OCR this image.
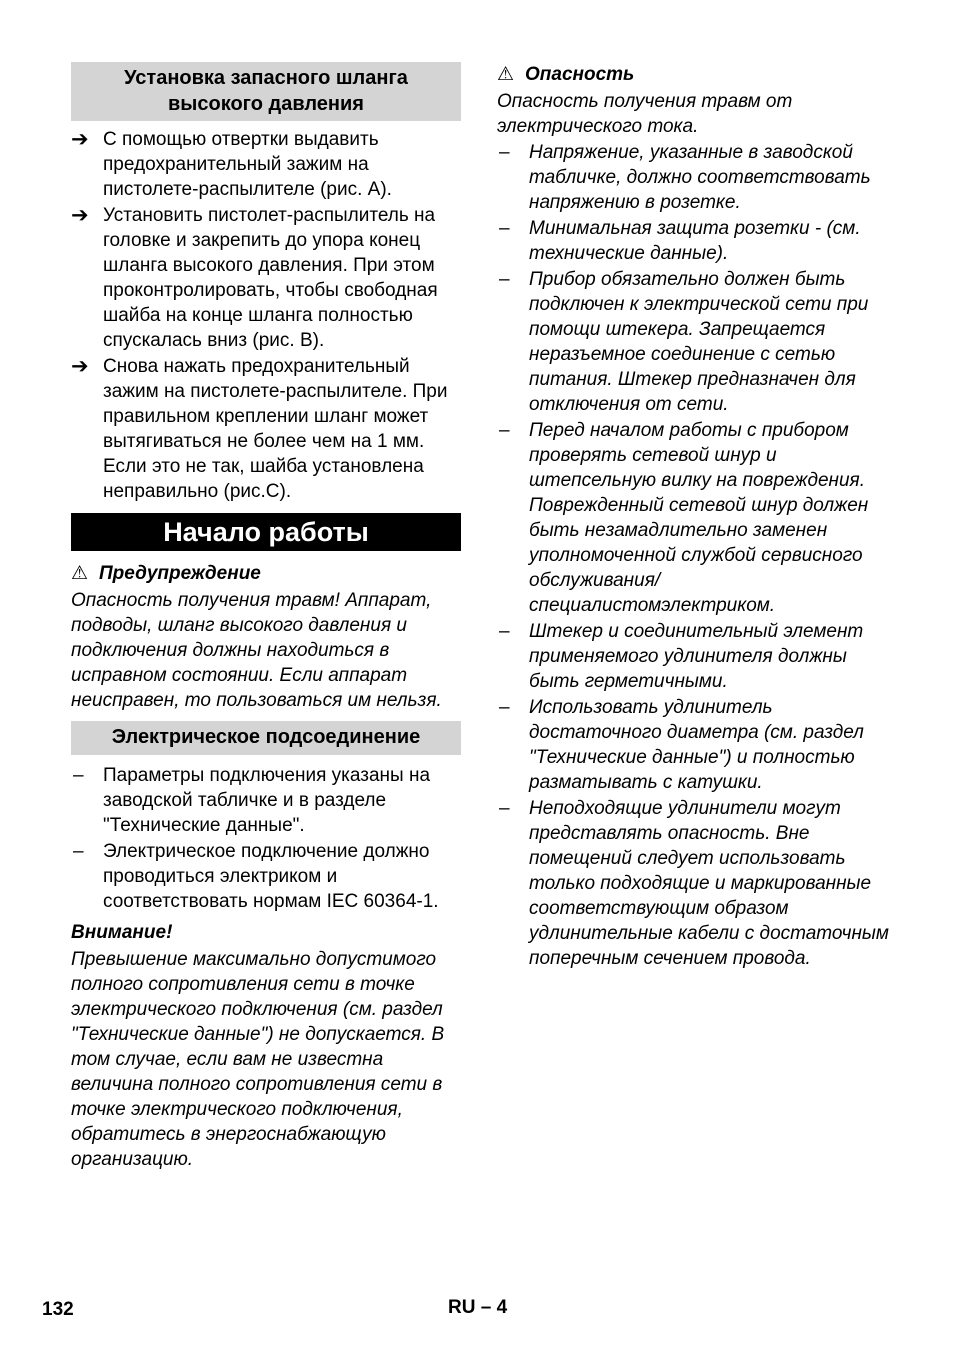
Установка запасного шланга высокого давления
➔ С помощью отвертки выдавить предохранительный зажим на пистолете-распылителе (рис. A).
➔ Установить пистолет-распылитель на головке и закрепить до упора конец шланга высокого давления. При этом проконтролировать, чтобы свободная шайба на конце шланга полностью спускалась вниз (рис. B).
➔ Снова нажать предохранительный зажим на пистолете-распылителе. При правильном креплении шланг может вытягиваться не более чем на 1 мм. Если это не так, шайба установлена неправильно (рис.C).
Начало работы
⚠ Предупреждение
Опасность получения травм! Аппарат, подводы, шланг высокого давления и подключения должны находиться в исправном состоянии. Если аппарат неисправен, то пользоваться им нельзя.
Электрическое подсоединение
– Параметры подключения указаны на заводской табличке и в разделе "Технические данные".
– Электрическое подключение должно проводиться электриком и соответствовать нормам IEC 60364-1.
Внимание!
Превышение максимально допустимого полного сопротивления сети в точке электрического подключения (см. раздел "Технические данные") не допускается. В том случае, если вам не известна величина полного сопротивления сети в точке электрического подключения, обратитесь в энергоснабжающую организацию.
⚠ Опасность
Опасность получения травм от электрического тока.
– Напряжение, указанные в заводской табличке, должно соответствовать напряжению в розетке.
– Минимальная защита розетки - (см. технические данные).
– Прибор обязательно должен быть подключен к электрической сети при помощи штекера. Запрещается неразъемное соединение с сетью питания. Штекер предназначен для отключения от сети.
– Перед началом работы с прибором проверять сетевой шнур и штепсельную вилку на повреждения. Поврежденный сетевой шнур должен быть незамадлительно заменен уполномоченной службой сервисного обслуживания/специалистомэлектриком.
– Штекер и соединительный элемент применяемого удлинителя должны быть герметичными.
– Использовать удлинитель достаточного диаметра (см. раздел "Технические данные") и полностью разматывать с катушки.
– Неподходящие удлинители могут представлять опасность. Вне помещений следует использовать только подходящие и маркированные соответствующим образом удлинительные кабели с достаточным поперечным сечением провода.
132	RU – 4
